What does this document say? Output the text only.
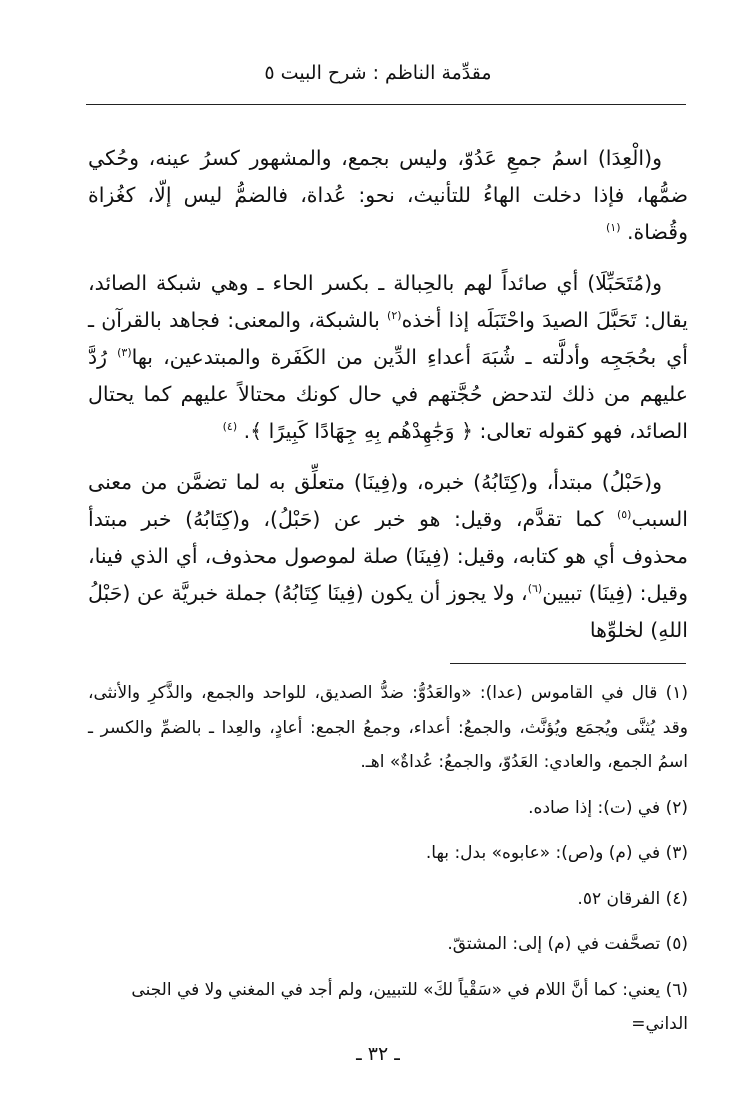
مقدِّمة الناظم : شرح البيت ٥

و(الْعِدَا) اسمُ جمعِ عَدُوّ، وليس بجمع، والمشهور كسرُ عينه، وحُكي ضمُّها، فإذا دخلت الهاءُ للتأنيث، نحو: عُداة، فالضمُّ ليس إلّا، كغُزاة وقُضاة. $^{(١)}$

و(مُتَحَبِّلَا) أي صائداً لهم بالحِبالة ـ بكسر الحاء ـ وهي شبكة الصائد، يقال: تَحَبَّلَ الصيدَ واحْتَبَلَه إذا أخذه$^{(٢)}$ بالشبكة، والمعنى: فجاهد بالقرآن ـ أي بحُجَجِه وأدلَّته ـ شُبَهَ أعداءِ الدِّين من الكَفَرة والمبتدعين، بها$^{(٣)}$ رُدَّ عليهم من ذلك لتدحض حُجَّتهم في حال كونك محتالاً عليهم كما يحتال الصائد، فهو كقوله تعالى: ﴿ وَجَٰهِدْهُم بِهِ جِهَادًا كَبِيرًا ﴾. $^{(٤)}$

و(حَبْلُ) مبتدأ، و(كِتَابُهُ) خبره، و(فِينَا) متعلِّق به لما تضمَّن من معنى السبب$^{(٥)}$ كما تقدَّم، وقيل: هو خبر عن (حَبْلُ)، و(كِتَابُهُ) خبر مبتدأ محذوف أي هو كتابه، وقيل: (فِينَا) صلة لموصول محذوف، أي الذي فينا، وقيل: (فِينَا) تبيين$^{(٦)}$، ولا يجوز أن يكون (فِينَا كِتَابُهُ) جملة خبريَّة عن (حَبْلُ اللهِ) لخلوِّها

(١) قال في القاموس (عدا): «والعَدُوُّ: ضدُّ الصديق، للواحد والجمع، والذَّكرِ والأنثى، وقد يُثنَّى ويُجمَع ويُؤنَّث، والجمعُ: أعداء، وجمعُ الجمع: أعادٍ، والعِدا ـ بالضمِّ والكسر ـ اسمُ الجمع، والعادي: العَدُوّ، والجمعُ: عُداةٌ» اهـ.
(٢) في (ت): إذا صاده.
(٣) في (م) و(ص): «عابوه» بدل: بها.
(٤) الفرقان ٥٢.
(٥) تصحَّفت في (م) إلى: المشتقّ.
(٦) يعني: كما أنَّ اللام في «سَقْياً لكَ» للتبيين، ولم أجد في المغني ولا في الجنى الداني=
ـ ٣٢ ـ
